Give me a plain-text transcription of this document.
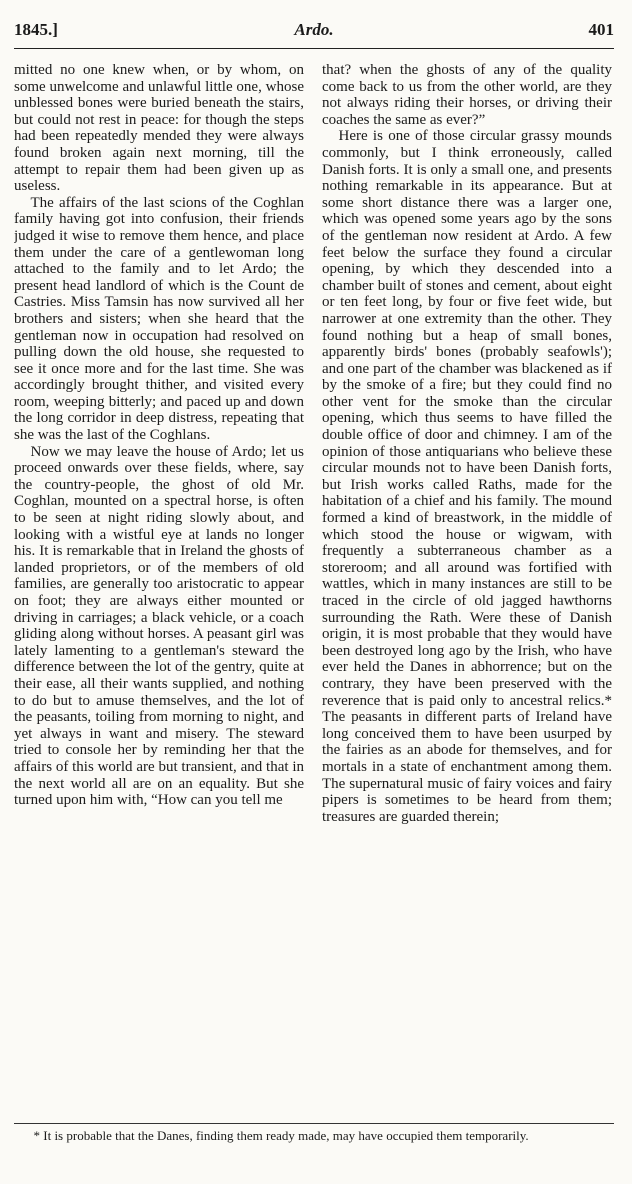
1845.]	Ardo.	401

mitted no one knew when, or by whom, on some unwelcome and unlawful little one, whose unblessed bones were buried beneath the stairs, but could not rest in peace: for though the steps had been repeatedly mended they were always found broken again next morning, till the attempt to repair them had been given up as useless.

The affairs of the last scions of the Coghlan family having got into confusion, their friends judged it wise to remove them hence, and place them under the care of a gentlewoman long attached to the family and to let Ardo; the present head landlord of which is the Count de Castries. Miss Tamsin has now survived all her brothers and sisters; when she heard that the gentleman now in occupation had resolved on pulling down the old house, she requested to see it once more and for the last time. She was accordingly brought thither, and visited every room, weeping bitterly; and paced up and down the long corridor in deep distress, repeating that she was the last of the Coghlans.

Now we may leave the house of Ardo; let us proceed onwards over these fields, where, say the country-people, the ghost of old Mr. Coghlan, mounted on a spectral horse, is often to be seen at night riding slowly about, and looking with a wistful eye at lands no longer his. It is remarkable that in Ireland the ghosts of landed proprietors, or of the members of old families, are generally too aristocratic to appear on foot; they are always either mounted or driving in carriages; a black vehicle, or a coach gliding along without horses. A peasant girl was lately lamenting to a gentleman's steward the difference between the lot of the gentry, quite at their ease, all their wants supplied, and nothing to do but to amuse themselves, and the lot of the peasants, toiling from morning to night, and yet always in want and misery. The steward tried to console her by reminding her that the affairs of this world are but transient, and that in the next world all are on an equality. But she turned upon him with, “How can you tell me

that? when the ghosts of any of the quality come back to us from the other world, are they not always riding their horses, or driving their coaches the same as ever?”

Here is one of those circular grassy mounds commonly, but I think erroneously, called Danish forts. It is only a small one, and presents nothing remarkable in its appearance. But at some short distance there was a larger one, which was opened some years ago by the sons of the gentleman now resident at Ardo. A few feet below the surface they found a circular opening, by which they descended into a chamber built of stones and cement, about eight or ten feet long, by four or five feet wide, but narrower at one extremity than the other. They found nothing but a heap of small bones, apparently birds' bones (probably seafowls'); and one part of the chamber was blackened as if by the smoke of a fire; but they could find no other vent for the smoke than the circular opening, which thus seems to have filled the double office of door and chimney. I am of the opinion of those antiquarians who believe these circular mounds not to have been Danish forts, but Irish works called Raths, made for the habitation of a chief and his family. The mound formed a kind of breastwork, in the middle of which stood the house or wigwam, with frequently a subterraneous chamber as a storeroom; and all around was fortified with wattles, which in many instances are still to be traced in the circle of old jagged hawthorns surrounding the Rath. Were these of Danish origin, it is most probable that they would have been destroyed long ago by the Irish, who have ever held the Danes in abhorrence; but on the contrary, they have been preserved with the reverence that is paid only to ancestral relics.* The peasants in different parts of Ireland have long conceived them to have been usurped by the fairies as an abode for themselves, and for mortals in a state of enchantment among them. The supernatural music of fairy voices and fairy pipers is sometimes to be heard from them; treasures are guarded therein;

* It is probable that the Danes, finding them ready made, may have occupied them temporarily.
